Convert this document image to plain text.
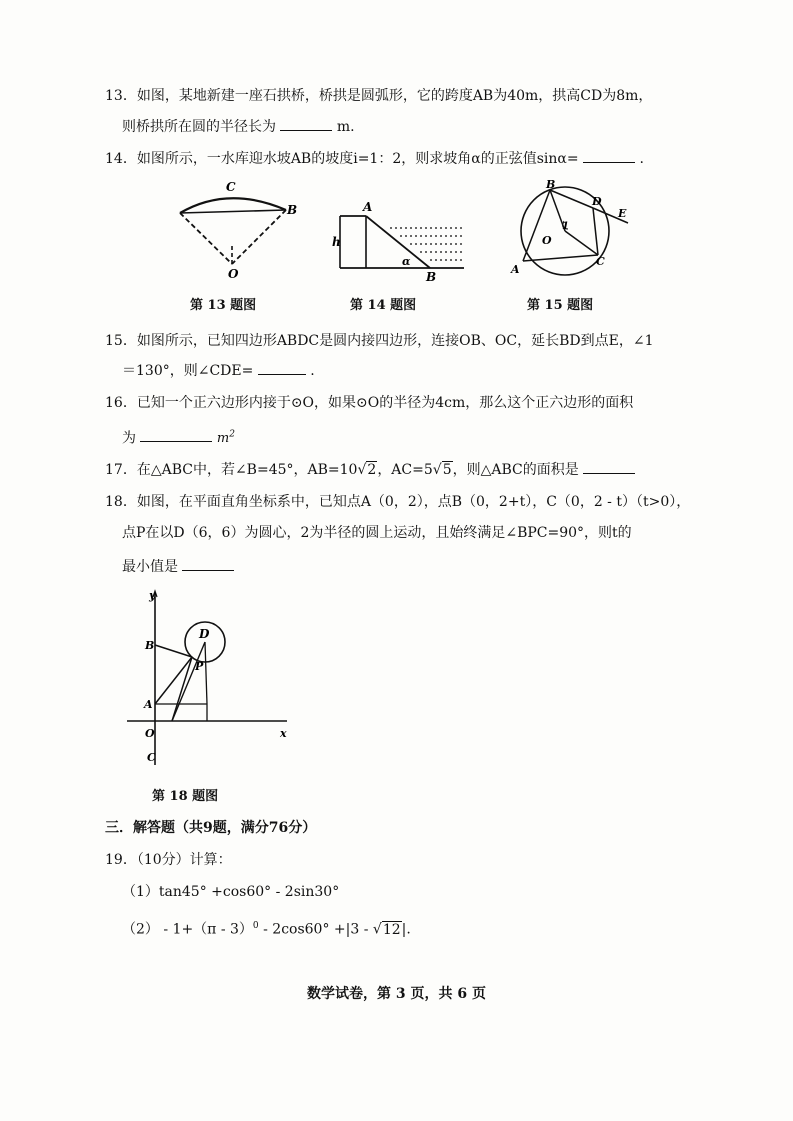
13．如图，某地新建一座石拱桥，桥拱是圆弧形，它的跨度AB为40m，拱高CD为8m，
则桥拱所在圆的半径长为	m.
14．如图所示，一水库迎水坡AB的坡度i=1：2，则求坡角α的正弦值sinα=	.
C
B
O
第 13 题图
A
h
α
B
第 14 题图
B
D
E
O
1
A
C
第 15 题图
15．如图所示，已知四边形ABDC是圆内接四边形，连接OB、OC，延长BD到点E，∠1
＝130°，则∠CDE=	.
16．已知一个正六边形内接于⊙O，如果⊙O的半径为4cm，那么这个正六边形的面积
为	$m^2$
17．在△ABC中，若∠B=45°，AB=10√2，AC=5√5，则△ABC的面积是
18．如图，在平面直角坐标系中，已知点A（0，2），点B（0，2+t），C（0，2 - t）（t>0），
点P在以D（6，6）为圆心，2为半径的圆上运动，且始终满足∠BPC=90°，则t的
最小值是
y
D
B
P
A
O
C
x
第 18 题图
三．解答题（共9题，满分76分）
19．（10分）计算：
（1）tan45° +cos60° - 2sin30°
（2） - 1+（π - 3）$^0$ - 2cos60° +|3 - √12|.
数学试卷，第 3 页，共 6 页
